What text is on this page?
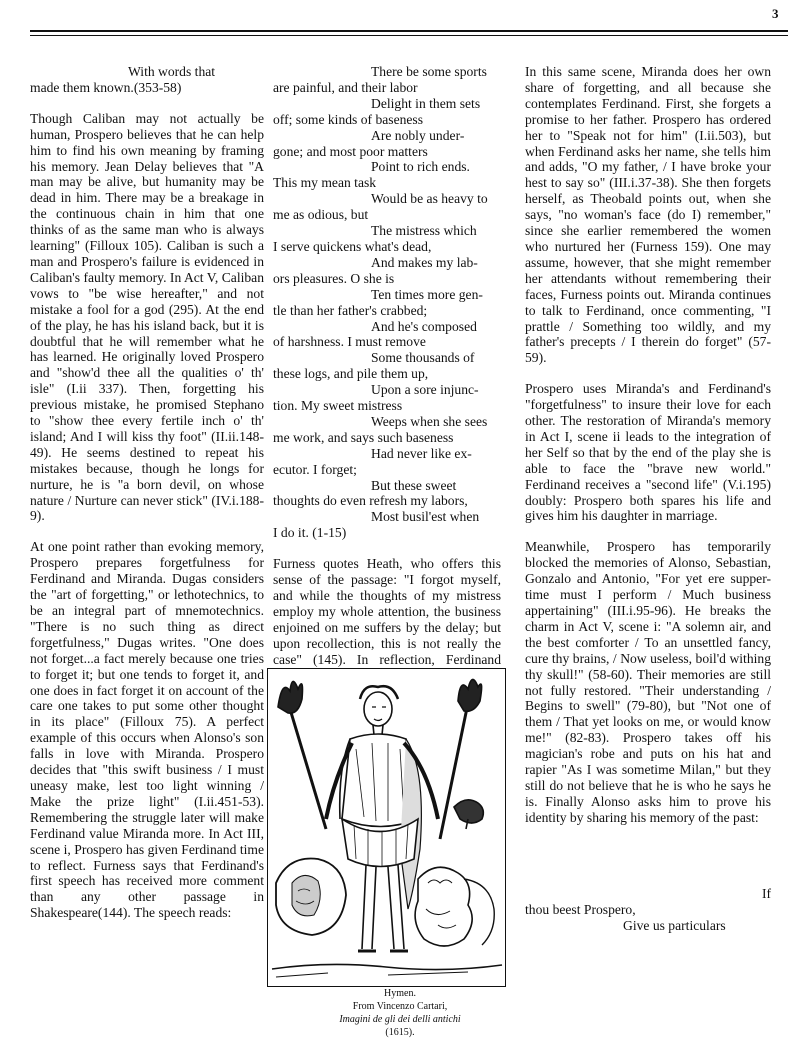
3

With words that
made them known.(353-58)

Though Caliban may not actually be human, Prospero believes that he can help him to find his own meaning by framing his memory. Jean Delay believes that "A man may be alive, but humanity may be dead in him. There may be a breakage in the continuous chain in him that one thinks of as the same man who is always learning" (Filloux 105). Caliban is such a man and Prospero's failure is evidenced in Caliban's faulty memory. In Act V, Caliban vows to "be wise hereafter," and not mistake a fool for a god (295). At the end of the play, he has his island back, but it is doubtful that he will remember what he has learned. He originally loved Prospero and "show'd thee all the qualities o' th' isle" (I.ii 337). Then, forgetting his previous mistake, he promised Stephano to "show thee every fertile inch o' th' island; And I will kiss thy foot" (II.ii.148-49). He seems destined to repeat his mistakes because, though he longs for nurture, he is "a born devil, on whose nature / Nurture can never stick" (IV.i.188-9).

At one point rather than evoking memory, Prospero prepares forgetfulness for Ferdinand and Miranda. Dugas considers the "art of forgetting," or lethotechnics, to be an integral part of mnemotechnics. "There is no such thing as direct forgetfulness," Dugas writes. "One does not forget...a fact merely because one tries to forget it; but one tends to forget it, and one does in fact forget it on account of the care one takes to put some other thought in its place" (Filloux 75). A perfect example of this occurs when Alonso's son falls in love with Miranda. Prospero decides that "this swift business / I must uneasy make, lest too light winning / Make the prize light" (I.ii.451-53). Remembering the struggle later will make Ferdinand value Miranda more. In Act III, scene i, Prospero has given Ferdinand time to reflect. Furness says that Ferdinand's first speech has received more comment than any other passage in Shakespeare(144). The speech reads:

There be some sports
are painful, and their labor
Delight in them sets
off; some kinds of baseness
Are nobly under-
gone; and most poor matters
Point to rich ends.
This my mean task
Would be as heavy to
me as odious, but
The mistress which
I serve quickens what's dead,
And makes my lab-
ors pleasures. O she is
Ten times more gen-
tle than her father's crabbed;
And he's composed
of harshness. I must remove
Some thousands of
these logs, and pile them up,
Upon a sore injunc-
tion. My sweet mistress
Weeps when she sees
me work, and says such baseness
Had never like ex-
ecutor. I forget;
But these sweet
thoughts do even refresh my labors,
Most busil'est when
I do it. (1-15)

Furness quotes Heath, who offers this sense of the passage: "I forgot myself, and while the thoughts of my mistress employ my whole attention, the business enjoined on me suffers by the delay; but upon recollection, this is not really the case" (145). In reflection, Ferdinand

In this same scene, Miranda does her own share of forgetting, and all because she contemplates Ferdinand. First, she forgets a promise to her father. Prospero has ordered her to "Speak not for him" (I.ii.503), but when Ferdinand asks her name, she tells him and adds, "O my father, / I have broke your hest to say so" (III.i.37-38). She then forgets herself, as Theobald points out, when she says, "no woman's face (do I) remember," since she earlier remembered the women who nurtured her (Furness 159). One may assume, however, that she might remember her attendants without remembering their faces, Furness points out. Miranda continues to talk to Ferdinand, once commenting, "I prattle / Something too wildly, and my father's precepts / I therein do forget" (57-59).

Prospero uses Miranda's and Ferdinand's "forgetfulness" to insure their love for each other. The restoration of Miranda's memory in Act I, scene ii leads to the integration of her Self so that by the end of the play she is able to face the "brave new world." Ferdinand receives a "second life" (V.i.195) doubly: Prospero both spares his life and gives him his daughter in marriage.

Meanwhile, Prospero has temporarily blocked the memories of Alonso, Sebastian, Gonzalo and Antonio, "For yet ere supper-time must I perform / Much business appertaining" (III.i.95-96). He breaks the charm in Act V, scene i: "A solemn air, and the best comforter / To an unsettled fancy, cure thy brains, / Now useless, boil'd withing thy skull!" (58-60). Their memories are still not fully restored. "Their understanding / Begins to swell" (79-80), but "Not one of them / That yet looks on me, or would know me!" (82-83). Prospero takes off his magician's robe and puts on his hat and rapier "As I was sometime Milan," but they still do not believe that he is who he says he is. Finally Alonso asks him to prove his identity by sharing his memory of the past:

If
thou beest Prospero,
Give us particulars

Hymen.
From Vincenzo Cartari,
Imagini de gli dei delli antichi
(1615).
